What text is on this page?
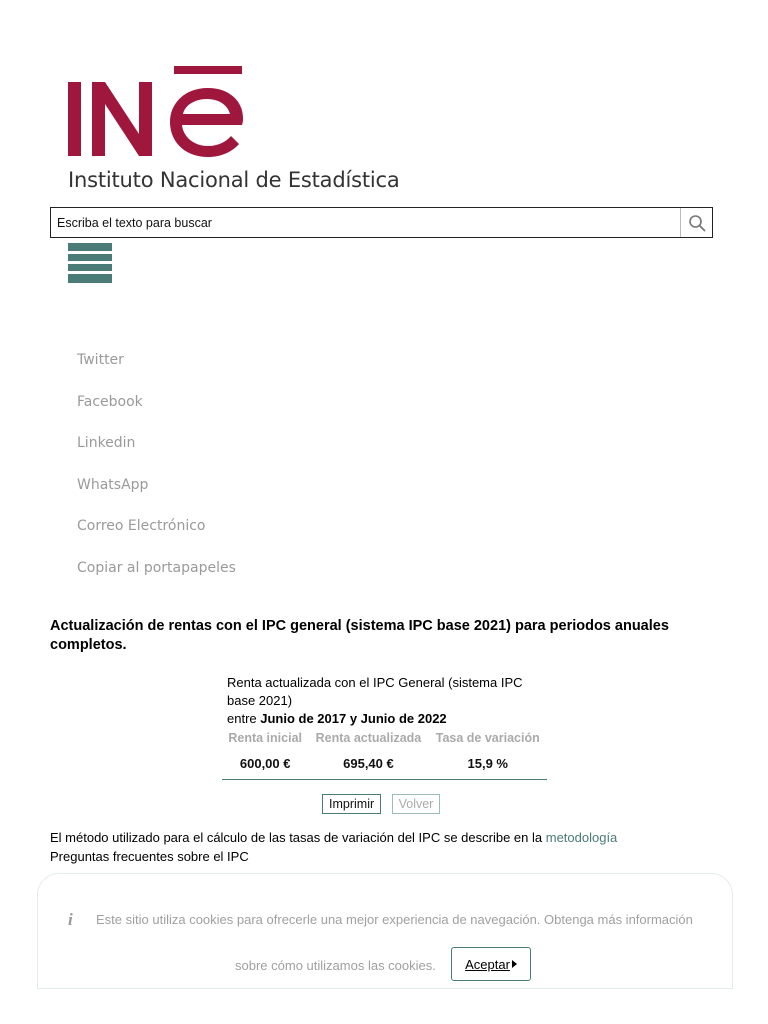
Instituto Nacional de Estadística
Escriba el texto para buscar
Twitter
Facebook
Linkedin
WhatsApp
Correo Electrónico
Copiar al portapapeles
Actualización de rentas con el IPC general (sistema IPC base 2021) para periodos anuales completos.
Renta actualizada con el IPC General (sistema IPC base 2021)
entre Junio de 2017 y Junio de 2022
Renta inicial	Renta actualizada	Tasa de variación
600,00 €	695,40 €	15,9 %
Imprimir Volver
El método utilizado para el cálculo de las tasas de variación del IPC se describe en la metodología
Preguntas frecuentes sobre el IPC
i Este sitio utiliza cookies para ofrecerle una mejor experiencia de navegación. Obtenga más información
sobre cómo utilizamos las cookies. Aceptar
